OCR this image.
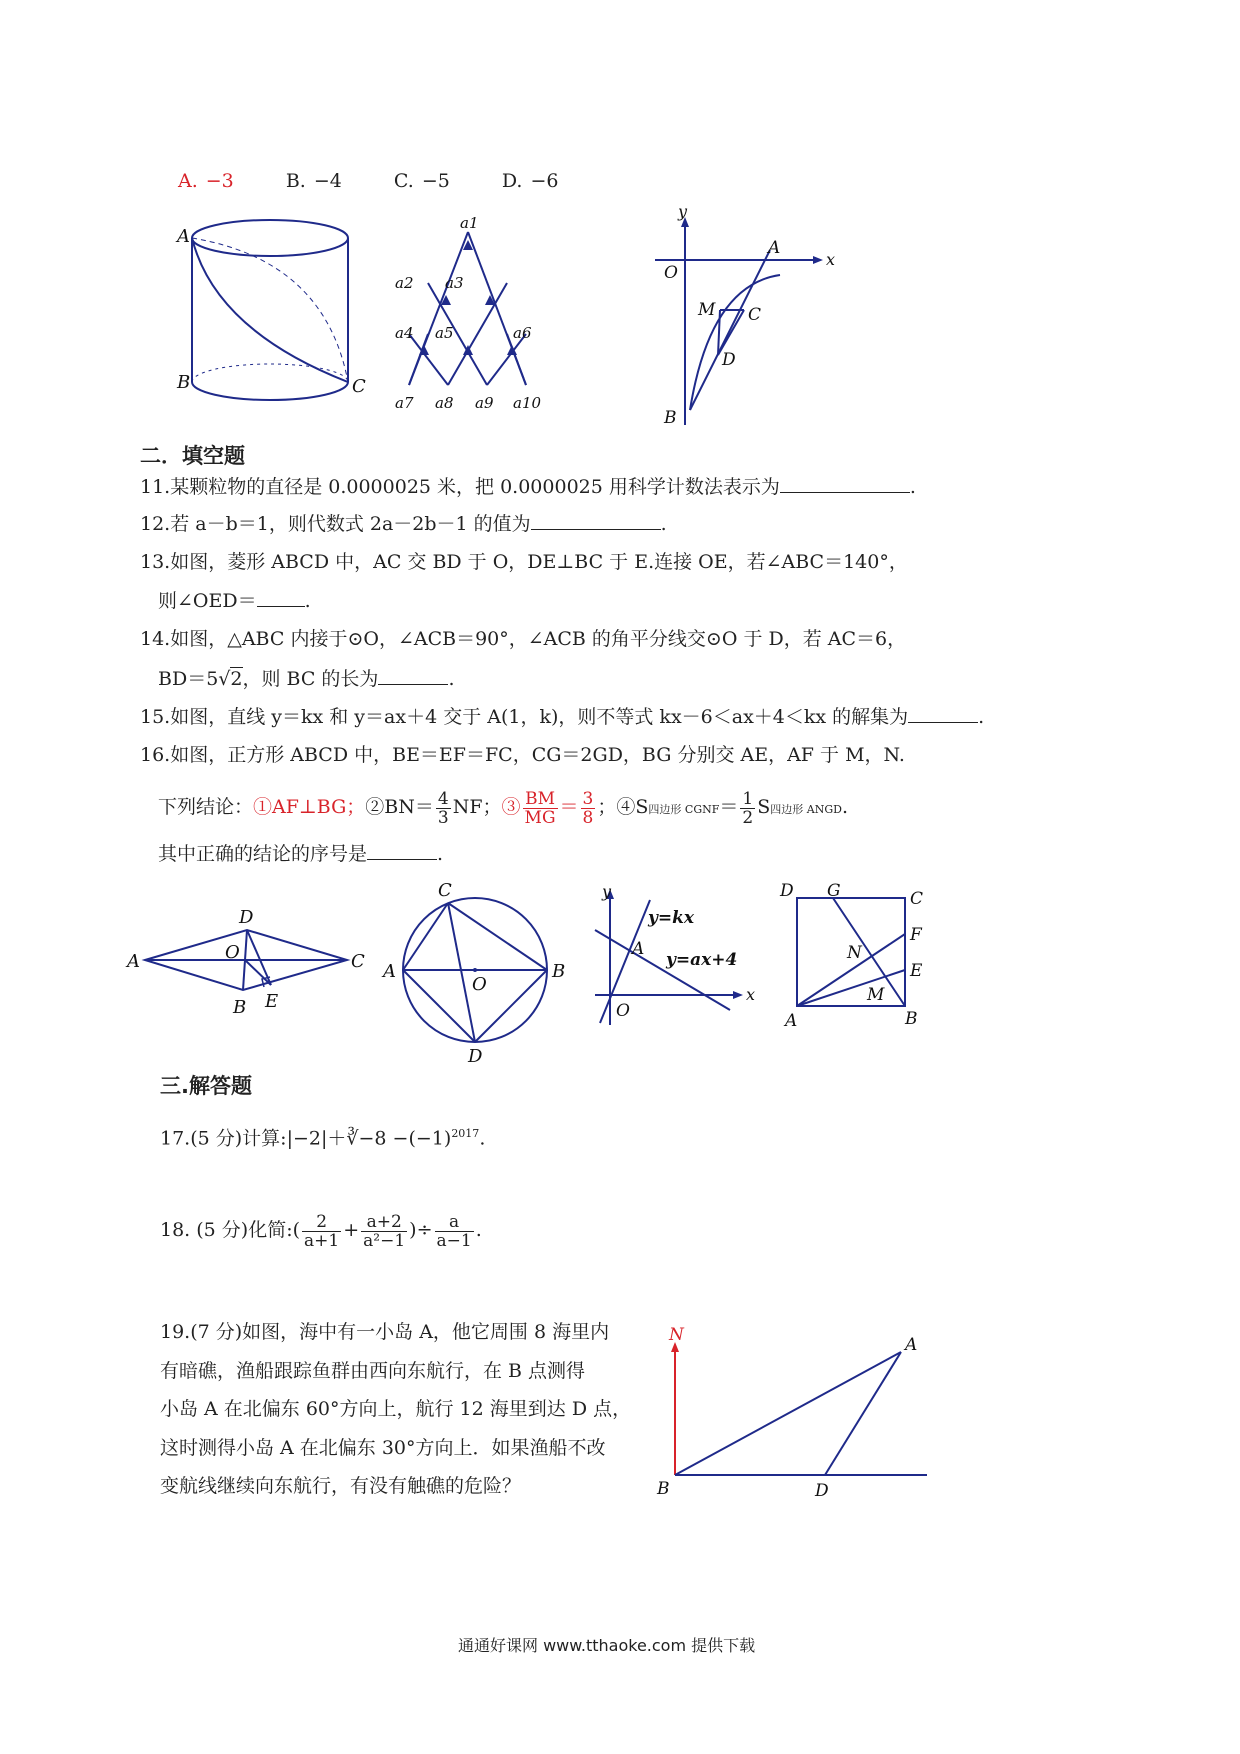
A. −3	B. −4	C. −5	D. −6
A
B	C
a1
a2 a3
a4 a5	a6
a7 a8 a9 a10
y
x
O
A
M C
D
B
二．填空题
11.某颗粒物的直径是 0.0000025 米，把 0.0000025 用科学计数法表示为	.
12.若 a－b＝1，则代数式 2a－2b－1 的值为	.
13.如图，菱形 ABCD 中，AC 交 BD 于 O，DE⊥BC 于 E.连接 OE，若∠ABC＝140°，
则∠OED＝	.
14.如图，△ABC 内接于⊙O，∠ACB＝90°，∠ACB 的角平分线交⊙O 于 D，若 AC＝6，
BD＝5√2，则 BC 的长为	.
15.如图，直线 y＝kx 和 y＝ax＋4 交于 A(1，k)，则不等式 kx－6＜ax＋4＜kx 的解集为	.
16.如图，正方形 ABCD 中，BE＝EF＝FC，CG＝2GD，BG 分别交 AE，AF 于 M，N.
下列结论：①AF⊥BG；②BN＝ $\frac{4}{3}$ NF；③ $\frac{BM}{MG} = \frac{3}{8}$ ；④S四边形 CGNF＝ $\frac{1}{2}$ S四边形 ANGD.
其中正确的结论的序号是	.
A
D
O	C
B E
C
A
O
B
D
y
x
O
A
y=kx
y=ax+4
D G	C
F
E
N
M
A	B
三.解答题
17.(5 分)计算:|−2|＋∛−8 $-(-1)^{2017}$.
18. (5 分)化简:( $\frac{2}{a+1} + \frac{a+2}{\text{a²−1}}$ )÷ $\frac{a}{a-1}$ .
19.(7 分)如图，海中有一小岛 A，他它周围 8 海里内
有暗礁，渔船跟踪鱼群由西向东航行，在 B 点测得
小岛 A 在北偏东 60°方向上，航行 12 海里到达 D 点，
这时测得小岛 A 在北偏东 30°方向上．如果渔船不改
变航线继续向东航行，有没有触礁的危险？
N	A
B	D
通通好课网 www.tthaoke.com 提供下载
